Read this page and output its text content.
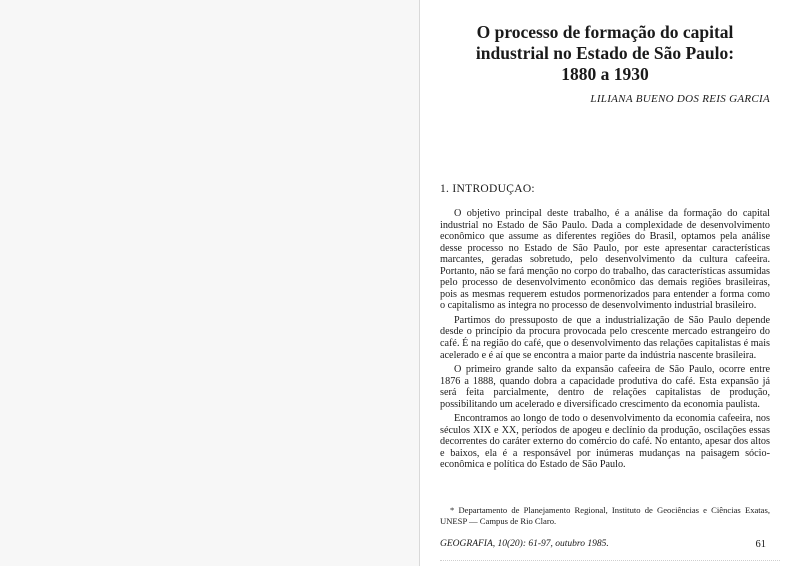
O processo de formação do capital
industrial no Estado de São Paulo:
1880 a 1930
LILIANA BUENO DOS REIS GARCIA
1. INTRODUÇAO:

O objetivo principal deste trabalho, é a análise da formação do capital industrial no Estado de São Paulo. Dada a complexidade de desenvolvimento econômico que assume as diferentes regiões do Brasil, optamos pela análise desse processo no Estado de São Paulo, por este apresentar características marcantes, geradas sobretudo, pelo desenvolvimento da cultura cafeeira. Portanto, não se fará menção no corpo do trabalho, das características assumidas pelo processo de desenvolvimento econômico das demais regiões brasileiras, pois as mesmas requerem estudos pormenorizados para entender a forma como o capitalismo as integra no processo de desenvolvimento industrial brasileiro.

Partimos do pressuposto de que a industrialização de São Paulo depende desde o princípio da procura provocada pelo crescente mercado estrangeiro do café. É na região do café, que o desenvolvimento das relações capitalistas é mais acelerado e é aí que se encontra a maior parte da indústria nascente brasileira.

O primeiro grande salto da expansão cafeeira de São Paulo, ocorre entre 1876 a 1888, quando dobra a capacidade produtiva do café. Esta expansão já será feita parcialmente, dentro de relações capitalistas de produção, possibilitando um acelerado e diversificado crescimento da economia paulista.

Encontramos ao longo de todo o desenvolvimento da economia cafeeira, nos séculos XIX e XX, períodos de apogeu e declínio da produção, oscilações essas decorrentes do caráter externo do comércio do café. No entanto, apesar dos altos e baixos, ela é a responsável por inúmeras mudanças na paisagem sócio-econômica e política do Estado de São Paulo.

* Departamento de Planejamento Regional, Instituto de Geociências e Ciências Exatas, UNESP — Campus de Rio Claro.
GEOGRAFIA, 10(20): 61-97, outubro 1985.	61
